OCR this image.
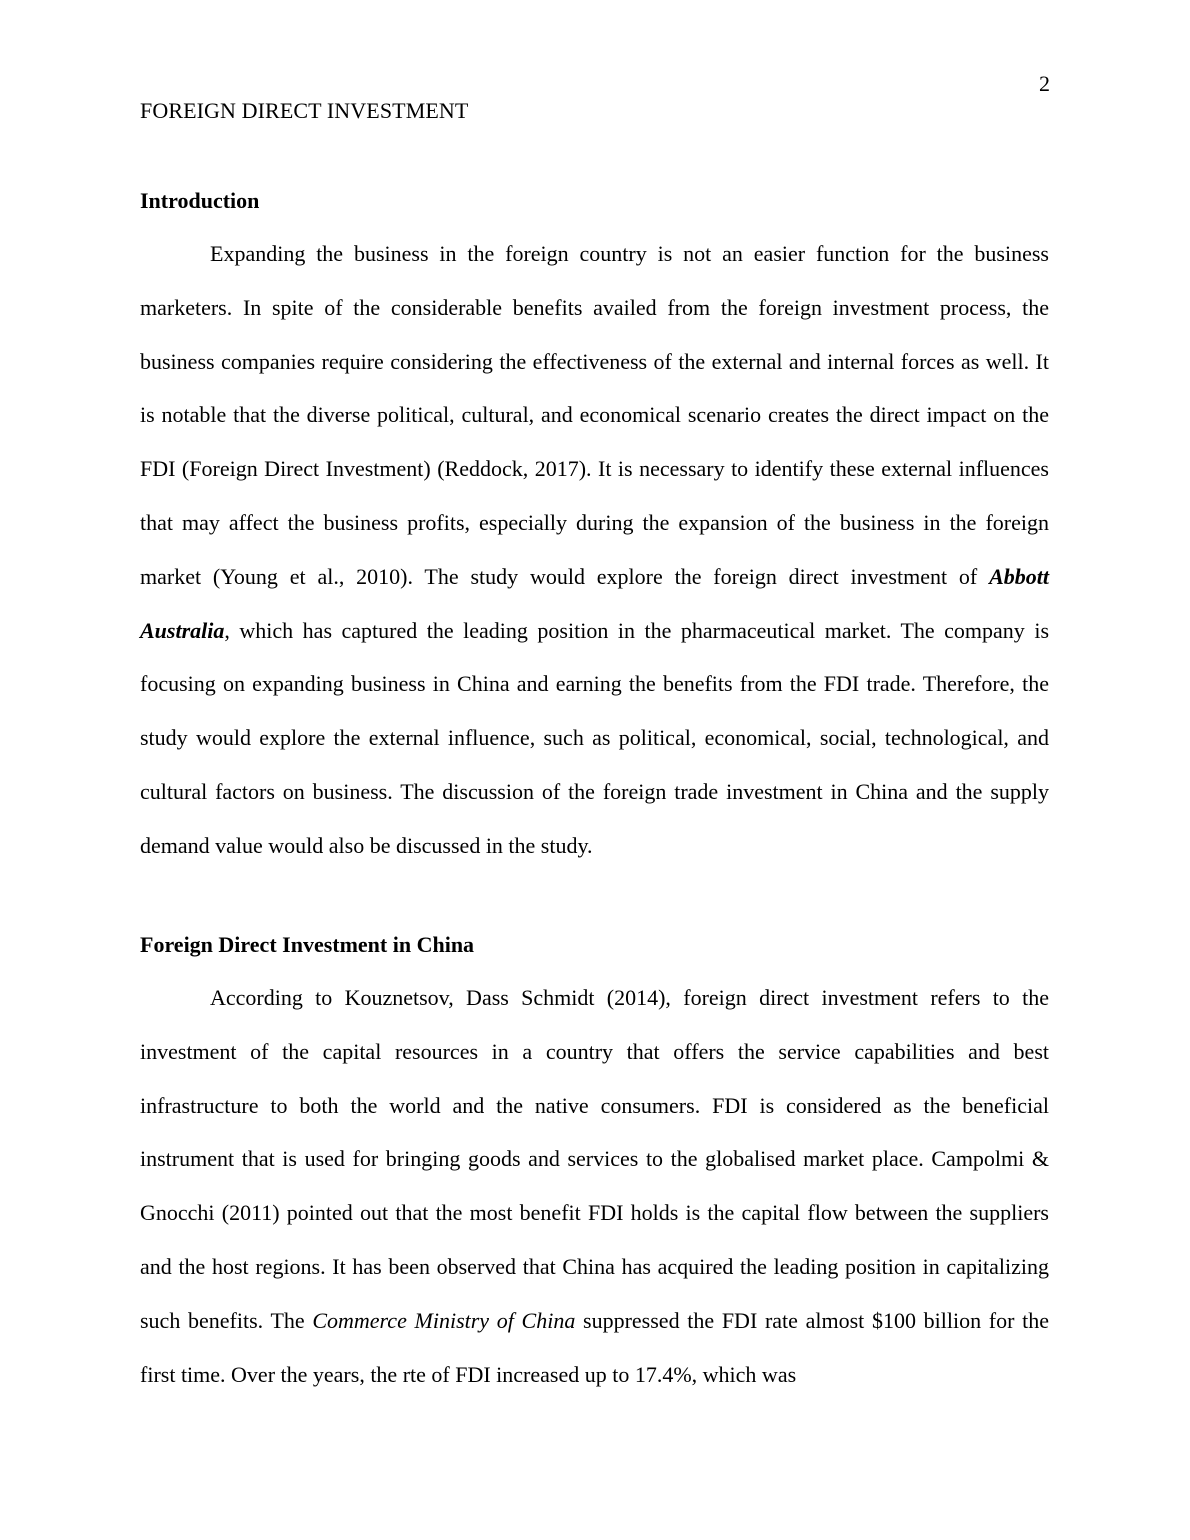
2
FOREIGN DIRECT INVESTMENT
Introduction

Expanding the business in the foreign country is not an easier function for the business marketers. In spite of the considerable benefits availed from the foreign investment process, the business companies require considering the effectiveness of the external and internal forces as well. It is notable that the diverse political, cultural, and economical scenario creates the direct impact on the FDI (Foreign Direct Investment) (Reddock, 2017). It is necessary to identify these external influences that may affect the business profits, especially during the expansion of the business in the foreign market (Young et al., 2010). The study would explore the foreign direct investment of Abbott Australia, which has captured the leading position in the pharmaceutical market. The company is focusing on expanding business in China and earning the benefits from the FDI trade. Therefore, the study would explore the external influence, such as political, economical, social, technological, and cultural factors on business. The discussion of the foreign trade investment in China and the supply demand value would also be discussed in the study.

Foreign Direct Investment in China

According to Kouznetsov, Dass Schmidt (2014), foreign direct investment refers to the investment of the capital resources in a country that offers the service capabilities and best infrastructure to both the world and the native consumers. FDI is considered as the beneficial instrument that is used for bringing goods and services to the globalised market place. Campolmi & Gnocchi (2011) pointed out that the most benefit FDI holds is the capital flow between the suppliers and the host regions. It has been observed that China has acquired the leading position in capitalizing such benefits. The Commerce Ministry of China suppressed the FDI rate almost $100 billion for the first time. Over the years, the rte of FDI increased up to 17.4%, which was
